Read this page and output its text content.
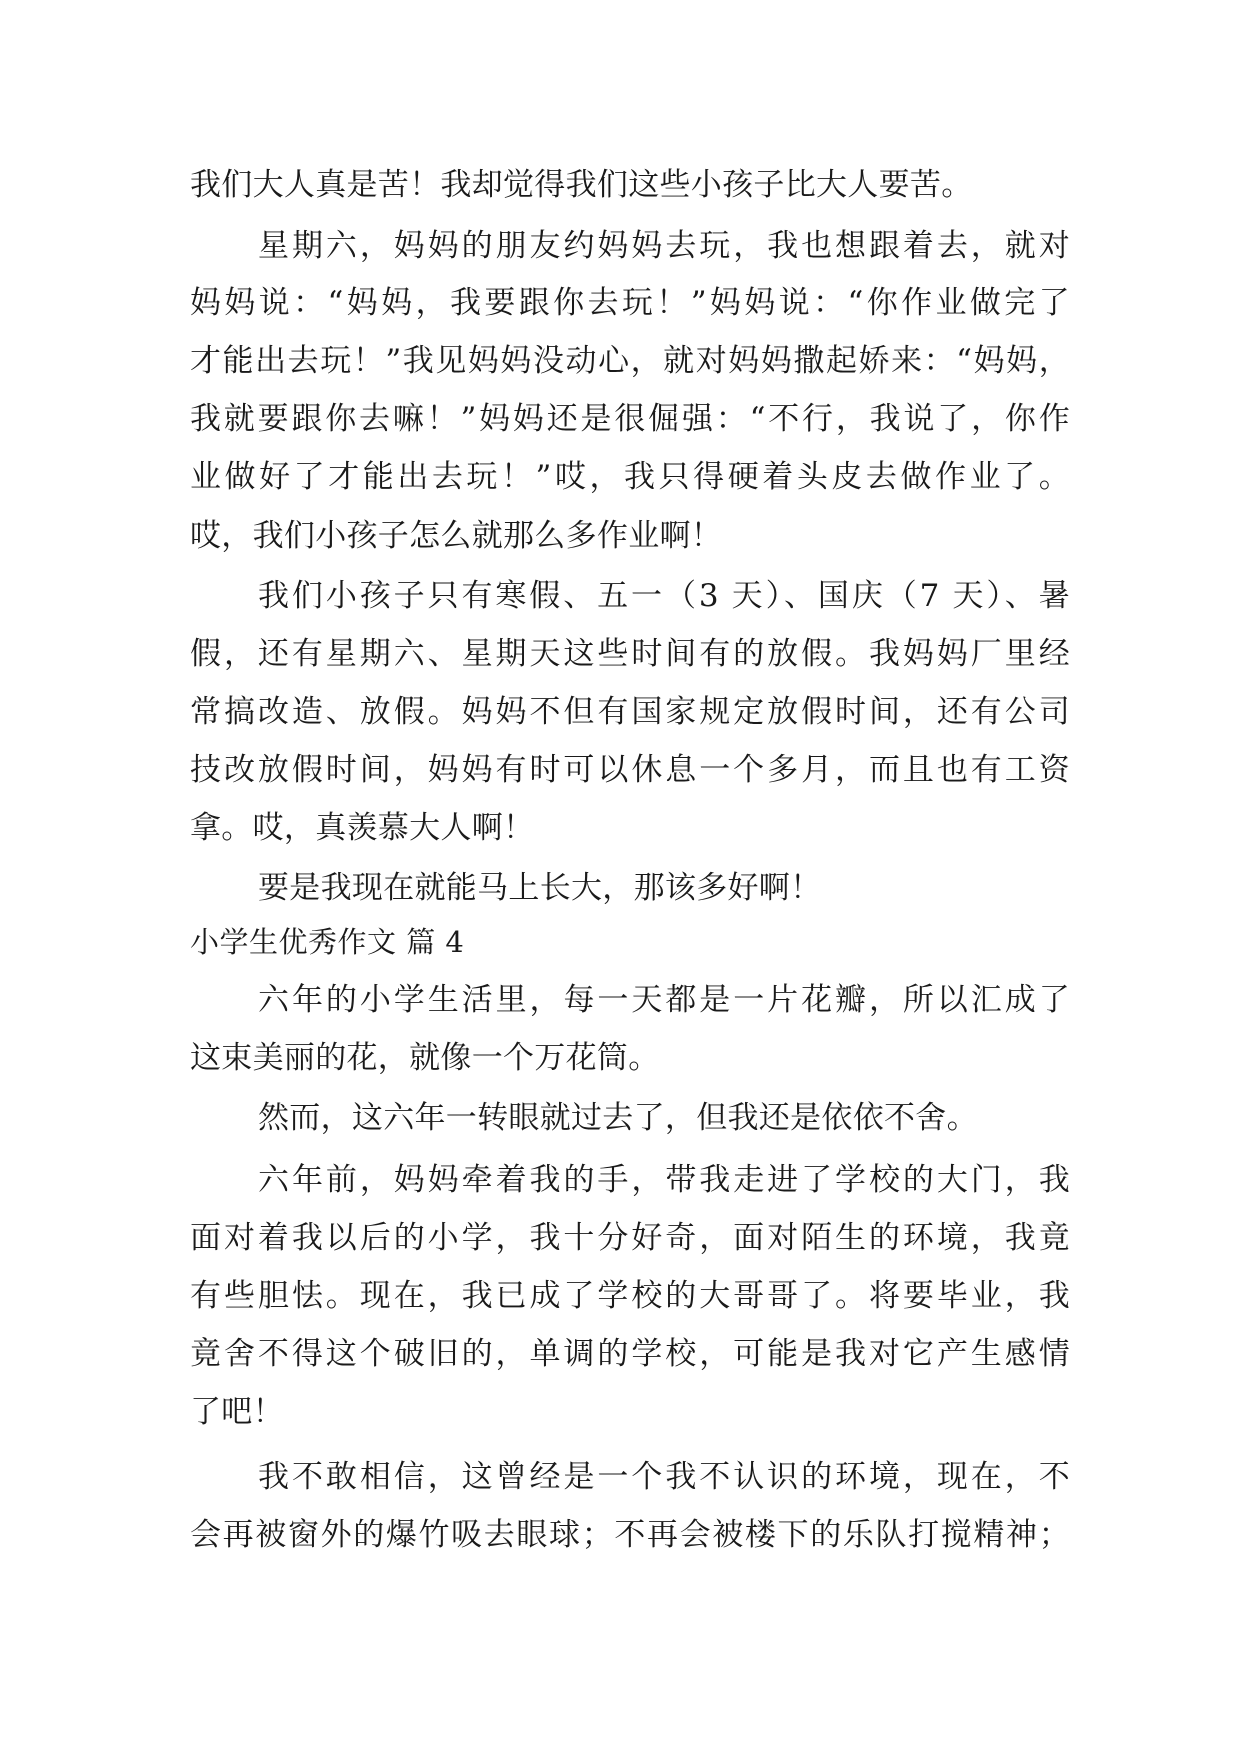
我们大人真是苦！我却觉得我们这些小孩子比大人要苦。
星期六，妈妈的朋友约妈妈去玩，我也想跟着去，就对
妈妈说：“妈妈，我要跟你去玩！”妈妈说：“你作业做完了
才能出去玩！”我见妈妈没动心，就对妈妈撒起娇来：“妈妈，
我就要跟你去嘛！”妈妈还是很倔强：“不行，我说了，你作
业做好了才能出去玩！”哎，我只得硬着头皮去做作业了。
哎，我们小孩子怎么就那么多作业啊！
我们小孩子只有寒假、五一（3 天）、国庆（7 天）、暑
假，还有星期六、星期天这些时间有的放假。我妈妈厂里经
常搞改造、放假。妈妈不但有国家规定放假时间，还有公司
技改放假时间，妈妈有时可以休息一个多月，而且也有工资
拿。哎，真羡慕大人啊！
要是我现在就能马上长大，那该多好啊！
小学生优秀作文 篇 4
六年的小学生活里，每一天都是一片花瓣，所以汇成了
这束美丽的花，就像一个万花筒。
然而，这六年一转眼就过去了，但我还是依依不舍。
六年前，妈妈牵着我的手，带我走进了学校的大门，我
面对着我以后的小学，我十分好奇，面对陌生的环境，我竟
有些胆怯。现在，我已成了学校的大哥哥了。将要毕业，我
竟舍不得这个破旧的，单调的学校，可能是我对它产生感情
了吧！
我不敢相信，这曾经是一个我不认识的环境，现在，不
会再被窗外的爆竹吸去眼球；不再会被楼下的乐队打搅精神；
